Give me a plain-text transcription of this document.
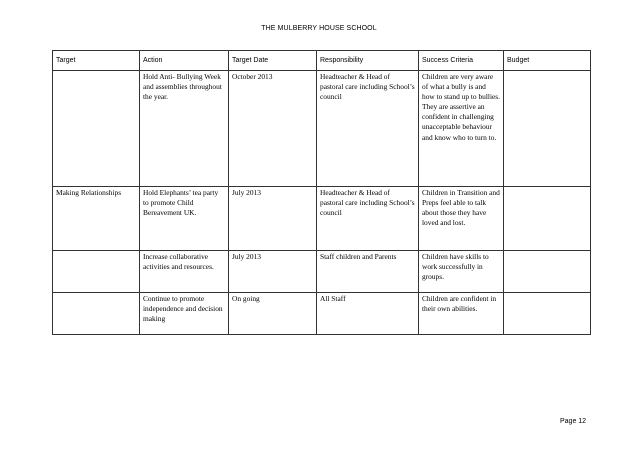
THE MULBERRY HOUSE SCHOOL
Target	Action	Target Date	Responsibility	Success Criteria	Budget
	Hold Anti- Bullying Week and assemblies throughout the year.	October 2013	Headteacher & Head of pastoral care including School’s council	Children are very aware of what a bully is and how to stand up to bullies. They are assertive an confident in challenging unacceptable behaviour and know who to turn to.	
Making Relationships	Hold Elephants’ tea party to promote Child Bereavement UK.	July 2013	Headteacher & Head of pastoral care including School’s council	Children in Transition and Preps feel able to talk about those they have loved and lost.	
	Increase collaborative activities and resources.	July 2013	Staff children and Parents	Children have skills to work successfully in groups.	
	Continue to promote independence and decision making	On going	All Staff	Children are confident in their own abilities.	
Page 12
